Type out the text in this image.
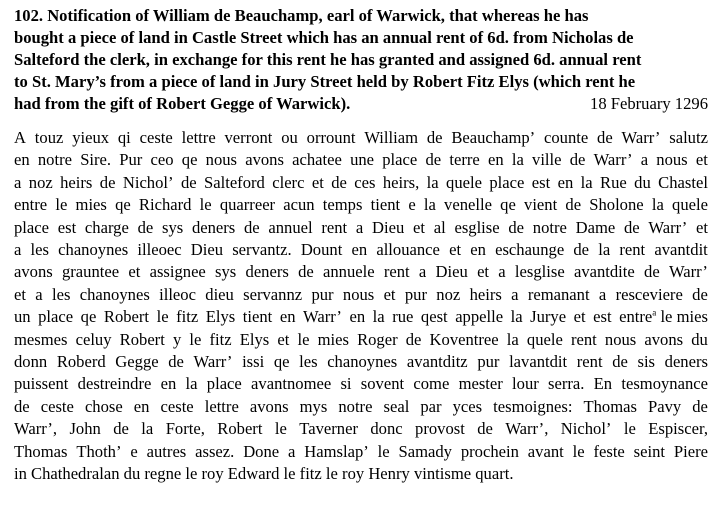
102. Notification of William de Beauchamp, earl of Warwick, that whereas he has
bought a piece of land in Castle Street which has an annual rent of 6d. from Nicholas de
Salteford the clerk, in exchange for this rent he has granted and assigned 6d. annual rent
to St. Mary’s from a piece of land in Jury Street held by Robert Fitz Elys (which rent he
had from the gift of Robert Gegge of Warwick).	18 February 1296
A touz yieux qi ceste lettre verront ou orrount William de Beauchamp’ counte de Warr’ salutz
en notre Sire. Pur ceo qe nous avons achatee une place de terre en la ville de Warr’ a nous et
a noz heirs de Nichol’ de Salteford clerc et de ces heirs, la quele place est en la Rue du Chastel
entre le mies qe Richard le quarreer acun temps tient e la venelle qe vient de Sholone la quele
place est charge de sys deners de annuel rent a Dieu et al esglise de notre Dame de Warr’ et
a les chanoynes illeoec Dieu servantz. Dount en allouance et en eschaunge de la rent avantdit
avons grauntee et assignee sys deners de annuele rent a Dieu et a lesglise avantdite de Warr’
et a les chanoynes illeoc dieu servannz pur nous et pur noz heirs a remanant a resceviere de
un place qe Robert le fitz Elys tient en Warr’ en la rue qest appelle la Jurye et est entre$^a$ le mies
mesmes celuy Robert y le fitz Elys et le mies Roger de Koventree la quele rent nous avons du
donn Roberd Gegge de Warr’ issi qe les chanoynes avantditz pur lavantdit rent de sis deners
puissent destreindre en la place avantnomee si sovent come mester lour serra. En tesmoynance
de ceste chose en ceste lettre avons mys notre seal par yces tesmoignes: Thomas Pavy de
Warr’, John de la Forte, Robert le Taverner donc provost de Warr’, Nichol’ le Espiscer,
Thomas Thoth’ e autres assez. Done a Hamslap’ le Samady prochein avant le feste seint Piere
in Chathedralan du regne le roy Edward le fitz le roy Henry vintisme quart.
